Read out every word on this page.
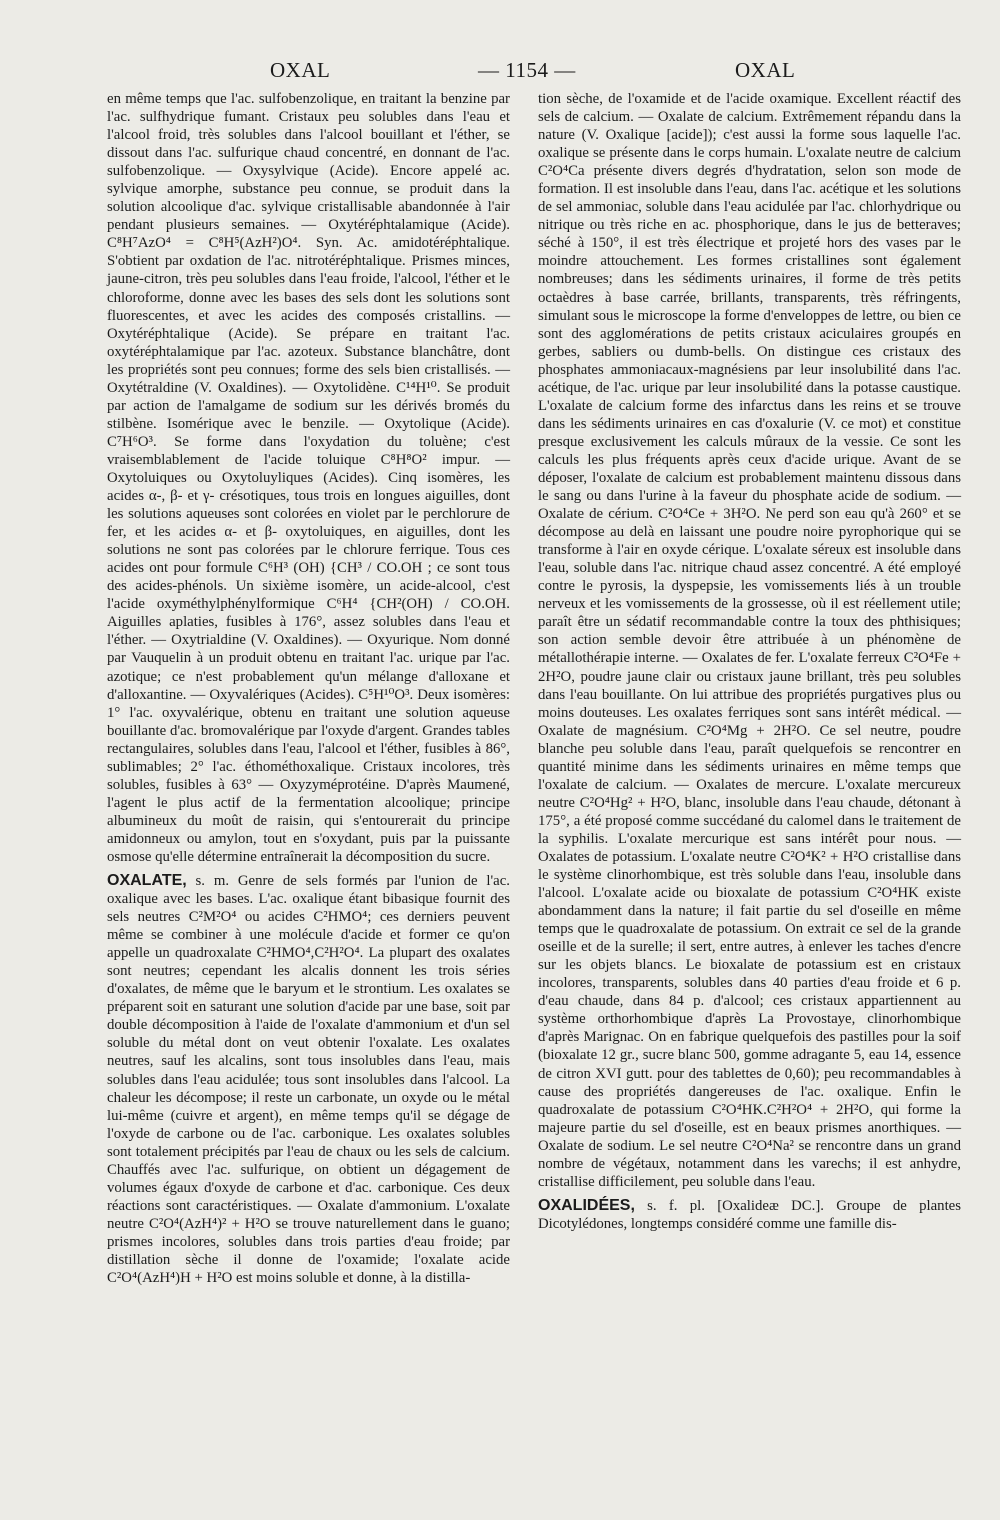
OXAL	— 1154 —	OXAL

en même temps que l'ac. sulfobenzolique, en traitant la benzine par l'ac. sulfhydrique fumant. Cristaux peu solubles dans l'eau et l'alcool froid, très solubles dans l'alcool bouillant et l'éther, se dissout dans l'ac. sulfurique chaud concentré, en donnant de l'ac. sulfobenzolique. — Oxysylvique (Acide). Encore appelé ac. sylvique amorphe, substance peu connue, se produit dans la solution alcoolique d'ac. sylvique cristallisable abandonnée à l'air pendant plusieurs semaines. — Oxytéréphtalamique (Acide). C⁸H⁷AzO⁴ = C⁸H⁵(AzH²)O⁴. Syn. Ac. amidotéréphtalique. S'obtient par oxdation de l'ac. nitrotéréphtalique. Prismes minces, jaune-citron, très peu solubles dans l'eau froide, l'alcool, l'éther et le chloroforme, donne avec les bases des sels dont les solutions sont fluorescentes, et avec les acides des composés cristallins. — Oxytéréphtalique (Acide). Se prépare en traitant l'ac. oxytéréphtalamique par l'ac. azoteux. Substance blanchâtre, dont les propriétés sont peu connues; forme des sels bien cristallisés. — Oxytétraldine (V. Oxaldines). — Oxytolidène. C¹⁴H¹⁰. Se produit par action de l'amalgame de sodium sur les dérivés bromés du stilbène. Isomérique avec le benzile. — Oxytoliquе (Acide). C⁷H⁶O³. Se forme dans l'oxydation du toluène; c'est vraisemblablement de l'acide toluique C⁸H⁸O² impur. — Oxytoluiques ou Oxytoluyliques (Acides). Cinq isomères, les acides α-, β- et γ- crésotiques, tous trois en longues aiguilles, dont les solutions aqueuses sont colorées en violet par le perchlorure de fer, et les acides α- et β- oxytoluiques, en aiguilles, dont les solutions ne sont pas colorées par le chlorure ferrique. Tous ces acides ont pour formule C⁶H³ (OH) {CH³ / CO.OH ; ce sont tous des acides-phénols. Un sixième isomère, un acide-alcool, c'est l'acide oxyméthylphénylformique C⁶H⁴ {CH²(OH) / CO.OH. Aiguilles aplaties, fusibles à 176°, assez solubles dans l'eau et l'éther. — Oxytrialdine (V. Oxaldines). — Oxyurique. Nom donné par Vauquelin à un produit obtenu en traitant l'ac. urique par l'ac. azotique; ce n'est probablement qu'un mélange d'alloxane et d'alloxantine. — Oxyvalériques (Acides). C⁵H¹⁰O³. Deux isomères: 1° l'ac. oxyvalérique, obtenu en traitant une solution aqueuse bouillante d'ac. bromovalérique par l'oxyde d'argent. Grandes tables rectangulaires, solubles dans l'eau, l'alcool et l'éther, fusibles à 86°, sublimables; 2° l'ac. éthométhoxalique. Cristaux incolores, très solubles, fusibles à 63° — Oxyzyméprotéine. D'après Maumené, l'agent le plus actif de la fermentation alcoolique; principe albumineux du moût de raisin, qui s'entourerait du principe amidonneux ou amylon, tout en s'oxydant, puis par la puissante osmose qu'elle détermine entraînerait la décomposition du sucre.

OXALATE, s. m. Genre de sels formés par l'union de l'ac. oxalique avec les bases. L'ac. oxalique étant bibasique fournit des sels neutres C²M²O⁴ ou acides C²HMO⁴; ces derniers peuvent même se combiner à une molécule d'acide et former ce qu'on appelle un quadroxalate C²HMO⁴,C²H²O⁴. La plupart des oxalates sont neutres; cependant les alcalis donnent les trois séries d'oxalates, de même que le baryum et le strontium. Les oxalates se préparent soit en saturant une solution d'acide par une base, soit par double décomposition à l'aide de l'oxalate d'ammonium et d'un sel soluble du métal dont on veut obtenir l'oxalate. Les oxalates neutres, sauf les alcalins, sont tous insolubles dans l'eau, mais solubles dans l'eau acidulée; tous sont insolubles dans l'alcool. La chaleur les décompose; il reste un carbonate, un oxyde ou le métal lui-même (cuivre et argent), en même temps qu'il se dégage de l'oxyde de carbone ou de l'ac. carbonique. Les oxalates solubles sont totalement précipités par l'eau de chaux ou les sels de calcium. Chauffés avec l'ac. sulfurique, on obtient un dégagement de volumes égaux d'oxyde de carbone et d'ac. carbonique. Ces deux réactions sont caractéristiques. — Oxalate d'ammonium. L'oxalate neutre C²O⁴(AzH⁴)² + H²O se trouve naturellement dans le guano; prismes incolores, solubles dans trois parties d'eau froide; par distillation sèche il donne de l'oxamide; l'oxalate acide C²O⁴(AzH⁴)H + H²O est moins soluble et donne, à la distilla-

tion sèche, de l'oxamide et de l'acide oxamique. Excellent réactif des sels de calcium. — Oxalate de calcium. Extrêmement répandu dans la nature (V. Oxalique [acide]); c'est aussi la forme sous laquelle l'ac. oxalique se présente dans le corps humain. L'oxalate neutre de calcium C²O⁴Ca présente divers degrés d'hydratation, selon son mode de formation. Il est insoluble dans l'eau, dans l'ac. acétique et les solutions de sel ammoniac, soluble dans l'eau acidulée par l'ac. chlorhydrique ou nitrique ou très riche en ac. phosphorique, dans le jus de betteraves; séché à 150°, il est très électrique et projeté hors des vases par le moindre attouchement. Les formes cristallines sont également nombreuses; dans les sédiments urinaires, il forme de très petits octaèdres à base carrée, brillants, transparents, très réfringents, simulant sous le microscope la forme d'enveloppes de lettre, ou bien ce sont des agglomérations de petits cristaux aciculaires groupés en gerbes, sabliers ou dumb-bells. On distingue ces cristaux des phosphates ammoniacaux-magnésiens par leur insolubilité dans l'ac. acétique, de l'ac. urique par leur insolubilité dans la potasse caustique. L'oxalate de calcium forme des infarctus dans les reins et se trouve dans les sédiments urinaires en cas d'oxalurie (V. ce mot) et constitue presque exclusivement les calculs mûraux de la vessie. Ce sont les calculs les plus fréquents après ceux d'acide urique. Avant de se déposer, l'oxalate de calcium est probablement maintenu dissous dans le sang ou dans l'urine à la faveur du phosphate acide de sodium. — Oxalate de cérium. C²O⁴Ce + 3H²O. Ne perd son eau qu'à 260° et se décompose au delà en laissant une poudre noire pyrophorique qui se transforme à l'air en oxyde cérique. L'oxalate séreux est insoluble dans l'eau, soluble dans l'ac. nitrique chaud assez concentré. A été employé contre le pyrosis, la dyspepsie, les vomissements liés à un trouble nerveux et les vomissements de la grossesse, où il est réellement utile; paraît être un sédatif recommandable contre la toux des phthisiques; son action semble devoir être attribuée à un phénomène de métallothérapie interne. — Oxalates de fer. L'oxalate ferreux C²O⁴Fe + 2H²O, poudre jaune clair ou cristaux jaune brillant, très peu solubles dans l'eau bouillante. On lui attribue des propriétés purgatives plus ou moins douteuses. Les oxalates ferriques sont sans intérêt médical. — Oxalate de magnésium. C²O⁴Mg + 2H²O. Ce sel neutre, poudre blanche peu soluble dans l'eau, paraît quelquefois se rencontrer en quantité minime dans les sédiments urinaires en même temps que l'oxalate de calcium. — Oxalates de mercure. L'oxalate mercureux neutre C²O⁴Hg² + H²O, blanc, insoluble dans l'eau chaude, détonant à 175°, a été proposé comme succédané du calomel dans le traitement de la syphilis. L'oxalate mercurique est sans intérêt pour nous. — Oxalates de potassium. L'oxalate neutre C²O⁴K² + H²O cristallise dans le système clinorhombique, est très soluble dans l'eau, insoluble dans l'alcool. L'oxalate acide ou bioxalate de potassium C²O⁴HK existe abondamment dans la nature; il fait partie du sel d'oseille en même temps que le quadroxalate de potassium. On extrait ce sel de la grande oseille et de la surelle; il sert, entre autres, à enlever les taches d'encre sur les objets blancs. Le bioxalate de potassium est en cristaux incolores, transparents, solubles dans 40 parties d'eau froide et 6 p. d'eau chaude, dans 84 p. d'alcool; ces cristaux appartiennent au système orthorhombique d'après La Provostaye, clinorhombique d'après Marignac. On en fabrique quelquefois des pastilles pour la soif (bioxalate 12 gr., sucre blanc 500, gomme adragante 5, eau 14, essence de citron XVI gutt. pour des tablettes de 0,60); peu recommandables à cause des propriétés dangereuses de l'ac. oxalique. Enfin le quadroxalate de potassium C²O⁴HK.C²H²O⁴ + 2H²O, qui forme la majeure partie du sel d'oseille, est en beaux prismes anorthiques. — Oxalate de sodium. Le sel neutre C²O⁴Na² se rencontre dans un grand nombre de végétaux, notamment dans les varechs; il est anhydre, cristallise difficilement, peu soluble dans l'eau.

OXALIDÉES, s. f. pl. [Oxalideæ DC.]. Groupe de plantes Dicotylédones, longtemps considéré comme une famille dis-
